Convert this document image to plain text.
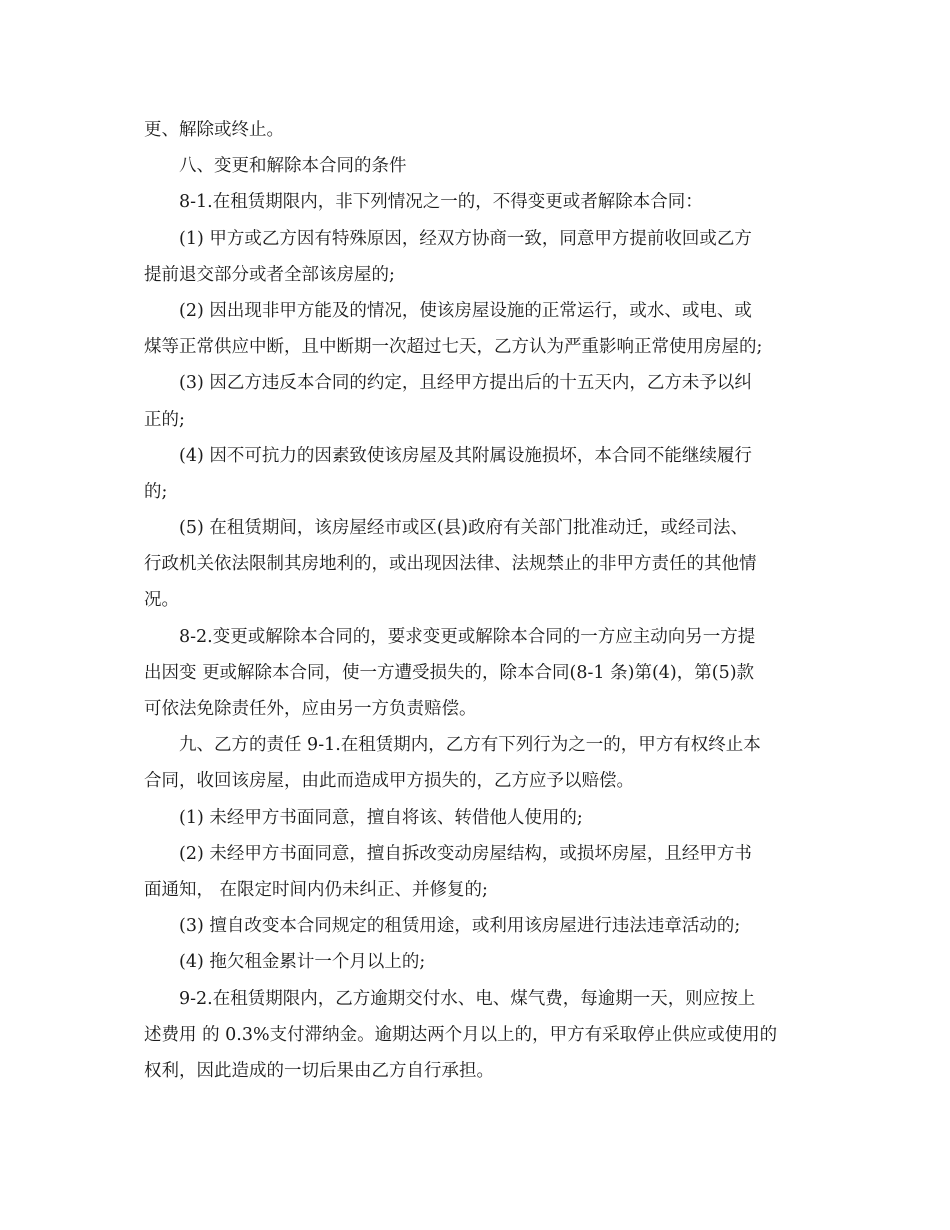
更、解除或终止。
八、变更和解除本合同的条件
8-1.在租赁期限内，非下列情况之一的，不得变更或者解除本合同：
(1) 甲方或乙方因有特殊原因，经双方协商一致，同意甲方提前收回或乙方
提前退交部分或者全部该房屋的;
(2) 因出现非甲方能及的情况，使该房屋设施的正常运行，或水、或电、或
煤等正常供应中断，且中断期一次超过七天，乙方认为严重影响正常使用房屋的;
(3) 因乙方违反本合同的约定，且经甲方提出后的十五天内，乙方未予以纠
正的;
(4) 因不可抗力的因素致使该房屋及其附属设施损坏，本合同不能继续履行
的;
(5) 在租赁期间，该房屋经市或区(县)政府有关部门批准动迁，或经司法、
行政机关依法限制其房地利的，或出现因法律、法规禁止的非甲方责任的其他情
况。
8-2.变更或解除本合同的，要求变更或解除本合同的一方应主动向另一方提
出因变 更或解除本合同，使一方遭受损失的，除本合同(8-1 条)第(4)，第(5)款
可依法免除责任外，应由另一方负责赔偿。
九、乙方的责任 9-1.在租赁期内，乙方有下列行为之一的，甲方有权终止本
合同，收回该房屋，由此而造成甲方损失的，乙方应予以赔偿。
(1) 未经甲方书面同意，擅自将该、转借他人使用的;
(2) 未经甲方书面同意，擅自拆改变动房屋结构，或损坏房屋，且经甲方书
面通知， 在限定时间内仍未纠正、并修复的;
(3) 擅自改变本合同规定的租赁用途，或利用该房屋进行违法违章活动的;
(4) 拖欠租金累计一个月以上的;
9-2.在租赁期限内，乙方逾期交付水、电、煤气费，每逾期一天，则应按上
述费用 的 0.3%支付滞纳金。逾期达两个月以上的，甲方有采取停止供应或使用的
权利，因此造成的一切后果由乙方自行承担。
